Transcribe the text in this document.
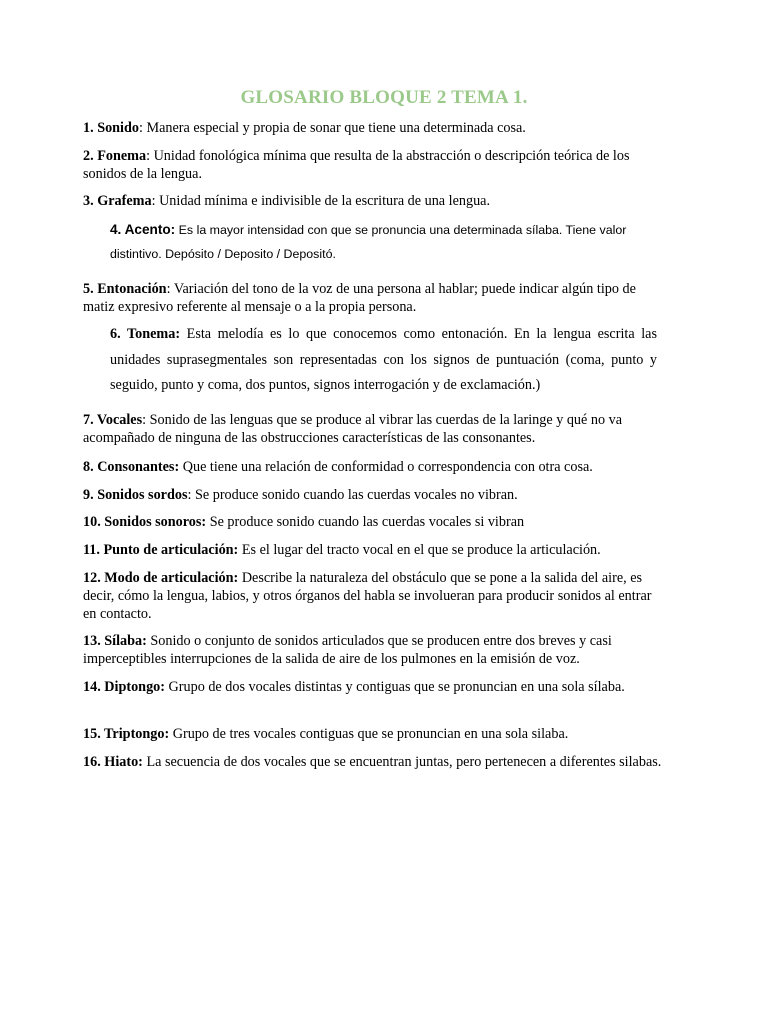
GLOSARIO BLOQUE 2 TEMA 1.
1. Sonido: Manera especial y propia de sonar que tiene una determinada cosa.
2. Fonema: Unidad fonológica mínima que resulta de la abstracción o descripción teórica de los sonidos de la lengua.
3. Grafema: Unidad mínima e indivisible de la escritura de una lengua.
4. Acento: Es la mayor intensidad con que se pronuncia una determinada sílaba. Tiene valor distintivo. Depósito / Deposito / Depositó.
5. Entonación: Variación del tono de la voz de una persona al hablar; puede indicar algún tipo de matiz expresivo referente al mensaje o a la propia persona.
6. Tonema: Esta melodía es lo que conocemos como entonación. En la lengua escrita las unidades suprasegmentales son representadas con los signos de puntuación (coma, punto y seguido, punto y coma, dos puntos, signos interrogación y de exclamación.)
7. Vocales: Sonido de las lenguas que se produce al vibrar las cuerdas de la laringe y qué no va acompañado de ninguna de las obstrucciones características de las consonantes.
8. Consonantes: Que tiene una relación de conformidad o correspondencia con otra cosa.
9. Sonidos sordos: Se produce sonido cuando las cuerdas vocales no vibran.
10. Sonidos sonoros: Se produce sonido cuando las cuerdas vocales si vibran
11. Punto de articulación: Es el lugar del tracto vocal en el que se produce la articulación.
12. Modo de articulación: Describe la naturaleza del obstáculo que se pone a la salida del aire, es decir, cómo la lengua, labios, y otros órganos del habla se involueran para producir sonidos al entrar en contacto.
13. Sílaba: Sonido o conjunto de sonidos articulados que se producen entre dos breves y casi imperceptibles interrupciones de la salida de aire de los pulmones en la emisión de voz.
14. Diptongo: Grupo de dos vocales distintas y contiguas que se pronuncian en una sola sílaba.
15. Triptongo: Grupo de tres vocales contiguas que se pronuncian en una sola silaba.
16. Hiato: La secuencia de dos vocales que se encuentran juntas, pero pertenecen a diferentes silabas.
